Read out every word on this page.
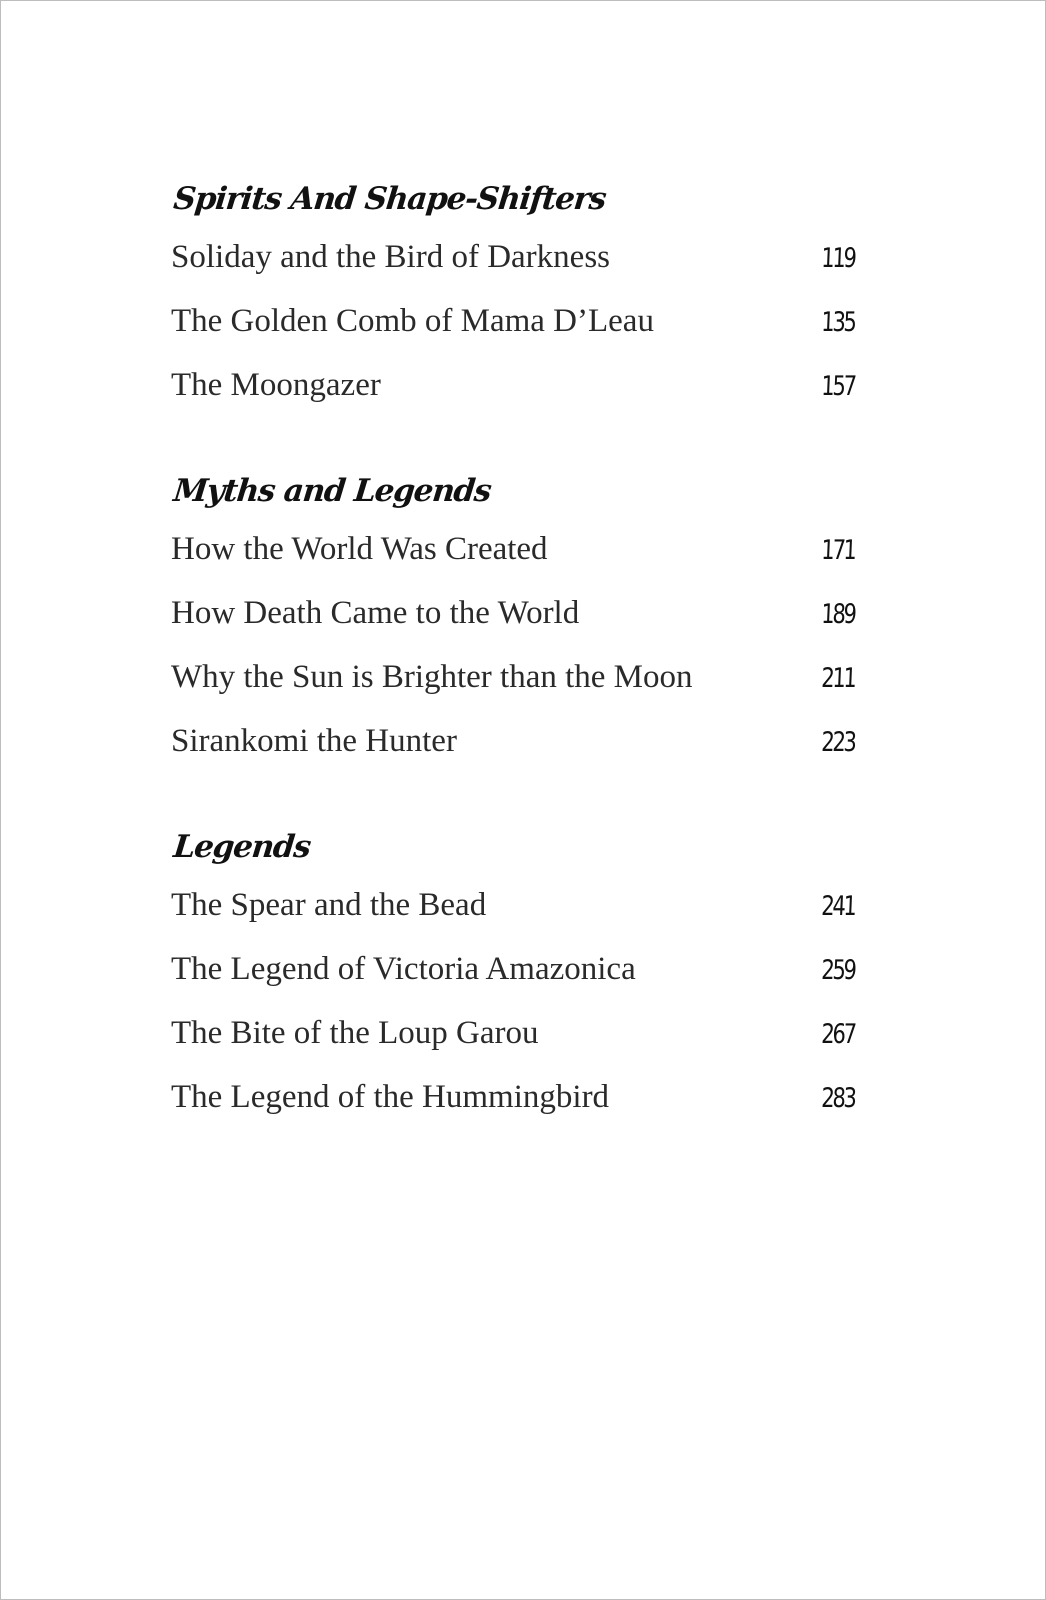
Spirits And Shape-Shifters
Soliday and the Bird of Darkness	119
The Golden Comb of Mama D’Leau	135
The Moongazer	157
Myths and Legends
How the World Was Created	171
How Death Came to the World	189
Why the Sun is Brighter than the Moon	211
Sirankomi the Hunter	223
Legends
The Spear and the Bead	241
The Legend of Victoria Amazonica	259
The Bite of the Loup Garou	267
The Legend of the Hummingbird	283
